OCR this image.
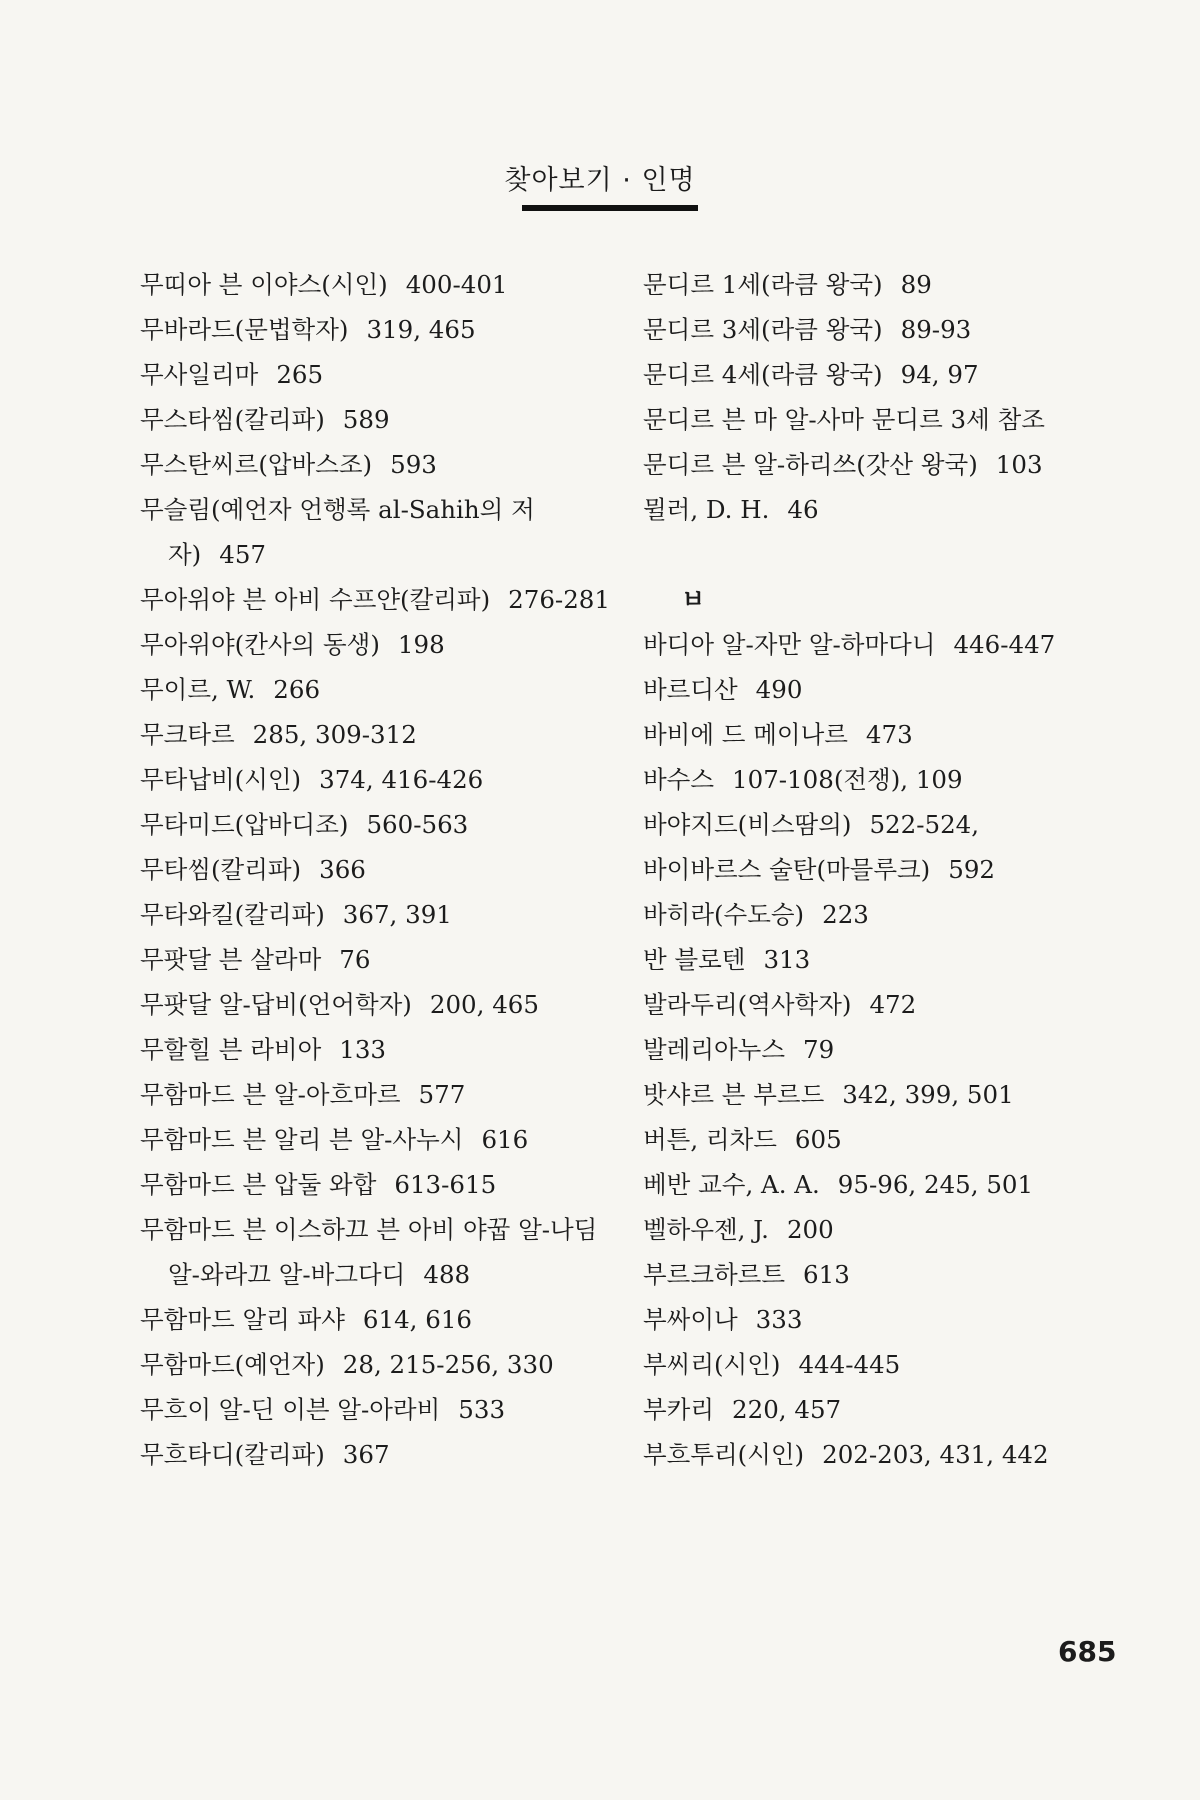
찾아보기 · 인명
무띠아 븐 이야스(시인) 400-401
무바라드(문법학자) 319, 465
무사일리마 265
무스타씸(칼리파) 589
무스탄씨르(압바스조) 593
무슬림(예언자 언행록 al-Sahih의 저자) 457
무아위야 븐 아비 수프얀(칼리파) 276-281
무아위야(칸사의 동생) 198
무이르, W. 266
무크타르 285, 309-312
무타납비(시인) 374, 416-426
무타미드(압바디조) 560-563
무타씸(칼리파) 366
무타와킬(칼리파) 367, 391
무팟달 븐 살라마 76
무팟달 알-답비(언어학자) 200, 465
무할힐 븐 라비아 133
무함마드 븐 알-아흐마르 577
무함마드 븐 알리 븐 알-사누시 616
무함마드 븐 압둘 와합 613-615
무함마드 븐 이스하끄 븐 아비 야꿉 알-나딤 알-와라끄 알-바그다디 488
무함마드 알리 파샤 614, 616
무함마드(예언자) 28, 215-256, 330
무흐이 알-딘 이븐 알-아라비 533
무흐타디(칼리파) 367
문디르 1세(라큼 왕국) 89
문디르 3세(라큼 왕국) 89-93
문디르 4세(라큼 왕국) 94, 97
문디르 븐 마 알-사마 문디르 3세 참조
문디르 븐 알-하리쓰(갓산 왕국) 103
뮐러, D. H. 46
ㅂ
바디아 알-자만 알-하마다니 446-447
바르디산 490
바비에 드 메이나르 473
바수스 107-108(전쟁), 109
바야지드(비스땀의) 522-524,
바이바르스 술탄(마믈루크) 592
바히라(수도승) 223
반 블로텐 313
발라두리(역사학자) 472
발레리아누스 79
밧샤르 븐 부르드 342, 399, 501
버튼, 리차드 605
베반 교수, A. A. 95-96, 245, 501
벨하우젠, J. 200
부르크하르트 613
부싸이나 333
부씨리(시인) 444-445
부카리 220, 457
부흐투리(시인) 202-203, 431, 442
685
